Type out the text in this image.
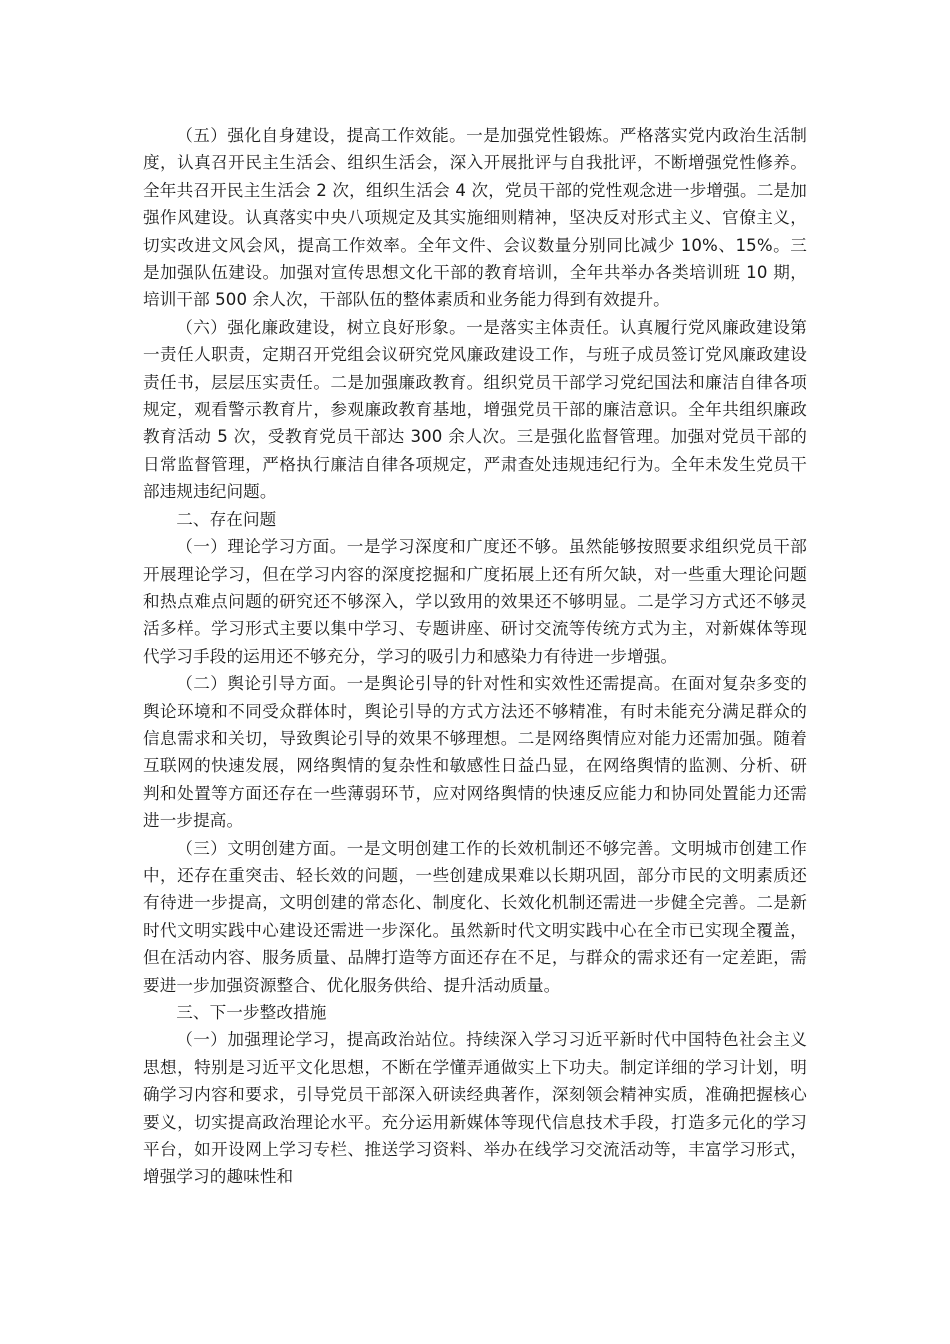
（五）强化自身建设，提高工作效能。一是加强党性锻炼。严格落实党内政治生活制度，认真召开民主生活会、组织生活会，深入开展批评与自我批评，不断增强党性修养。全年共召开民主生活会 2 次，组织生活会 4 次，党员干部的党性观念进一步增强。二是加强作风建设。认真落实中央八项规定及其实施细则精神，坚决反对形式主义、官僚主义，切实改进文风会风，提高工作效率。全年文件、会议数量分别同比减少 10%、15%。三是加强队伍建设。加强对宣传思想文化干部的教育培训，全年共举办各类培训班 10 期，培训干部 500 余人次，干部队伍的整体素质和业务能力得到有效提升。

（六）强化廉政建设，树立良好形象。一是落实主体责任。认真履行党风廉政建设第一责任人职责，定期召开党组会议研究党风廉政建设工作，与班子成员签订党风廉政建设责任书，层层压实责任。二是加强廉政教育。组织党员干部学习党纪国法和廉洁自律各项规定，观看警示教育片，参观廉政教育基地，增强党员干部的廉洁意识。全年共组织廉政教育活动 5 次，受教育党员干部达 300 余人次。三是强化监督管理。加强对党员干部的日常监督管理，严格执行廉洁自律各项规定，严肃查处违规违纪行为。全年未发生党员干部违规违纪问题。

二、存在问题

（一）理论学习方面。一是学习深度和广度还不够。虽然能够按照要求组织党员干部开展理论学习，但在学习内容的深度挖掘和广度拓展上还有所欠缺，对一些重大理论问题和热点难点问题的研究还不够深入，学以致用的效果还不够明显。二是学习方式还不够灵活多样。学习形式主要以集中学习、专题讲座、研讨交流等传统方式为主，对新媒体等现代学习手段的运用还不够充分，学习的吸引力和感染力有待进一步增强。

（二）舆论引导方面。一是舆论引导的针对性和实效性还需提高。在面对复杂多变的舆论环境和不同受众群体时，舆论引导的方式方法还不够精准，有时未能充分满足群众的信息需求和关切，导致舆论引导的效果不够理想。二是网络舆情应对能力还需加强。随着互联网的快速发展，网络舆情的复杂性和敏感性日益凸显，在网络舆情的监测、分析、研判和处置等方面还存在一些薄弱环节，应对网络舆情的快速反应能力和协同处置能力还需进一步提高。

（三）文明创建方面。一是文明创建工作的长效机制还不够完善。文明城市创建工作中，还存在重突击、轻长效的问题，一些创建成果难以长期巩固，部分市民的文明素质还有待进一步提高，文明创建的常态化、制度化、长效化机制还需进一步健全完善。二是新时代文明实践中心建设还需进一步深化。虽然新时代文明实践中心在全市已实现全覆盖，但在活动内容、服务质量、品牌打造等方面还存在不足，与群众的需求还有一定差距，需要进一步加强资源整合、优化服务供给、提升活动质量。

三、下一步整改措施

（一）加强理论学习，提高政治站位。持续深入学习习近平新时代中国特色社会主义思想，特别是习近平文化思想，不断在学懂弄通做实上下功夫。制定详细的学习计划，明确学习内容和要求，引导党员干部深入研读经典著作，深刻领会精神实质，准确把握核心要义，切实提高政治理论水平。充分运用新媒体等现代信息技术手段，打造多元化的学习平台，如开设网上学习专栏、推送学习资料、举办在线学习交流活动等，丰富学习形式，增强学习的趣味性和
